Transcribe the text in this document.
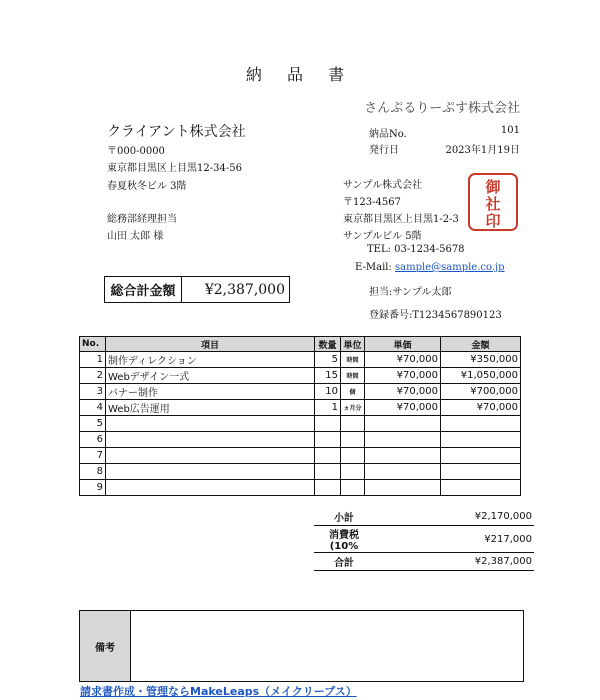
納 品 書
さんぷるりーぷす株式会社
クライアント株式会社
〒000-0000
東京都目黒区上目黒12-34-56
春夏秋冬ビル 3階
総務部経理担当
山田 太郎 様
納品No.	101
発行日	2023年1月19日
サンプル株式会社
〒123-4567
東京都目黒区上目黒1-2-3
サンプルビル 5階
TEL: 03-1234-5678
E-Mail: sample@sample.co.jp
担当:サンプル太郎
登録番号:T1234567890123
御
社
印
総合計金額	¥2,387,000
No.	項目	数量	単位	単価	金額
1	制作ディレクション	5	時間	¥70,000	¥350,000
2	Webデザイン一式	15	時間	¥70,000	¥1,050,000
3	バナー制作	10	個	¥70,000	¥700,000
4	Web広告運用	1	ヵ月分	¥70,000	¥70,000
5					
6					
7					
8					
9					
小計		¥2,170,000
消費税(10%		¥217,000
合計		¥2,387,000
備考
請求書作成・管理ならMakeLeaps（メイクリープス）
